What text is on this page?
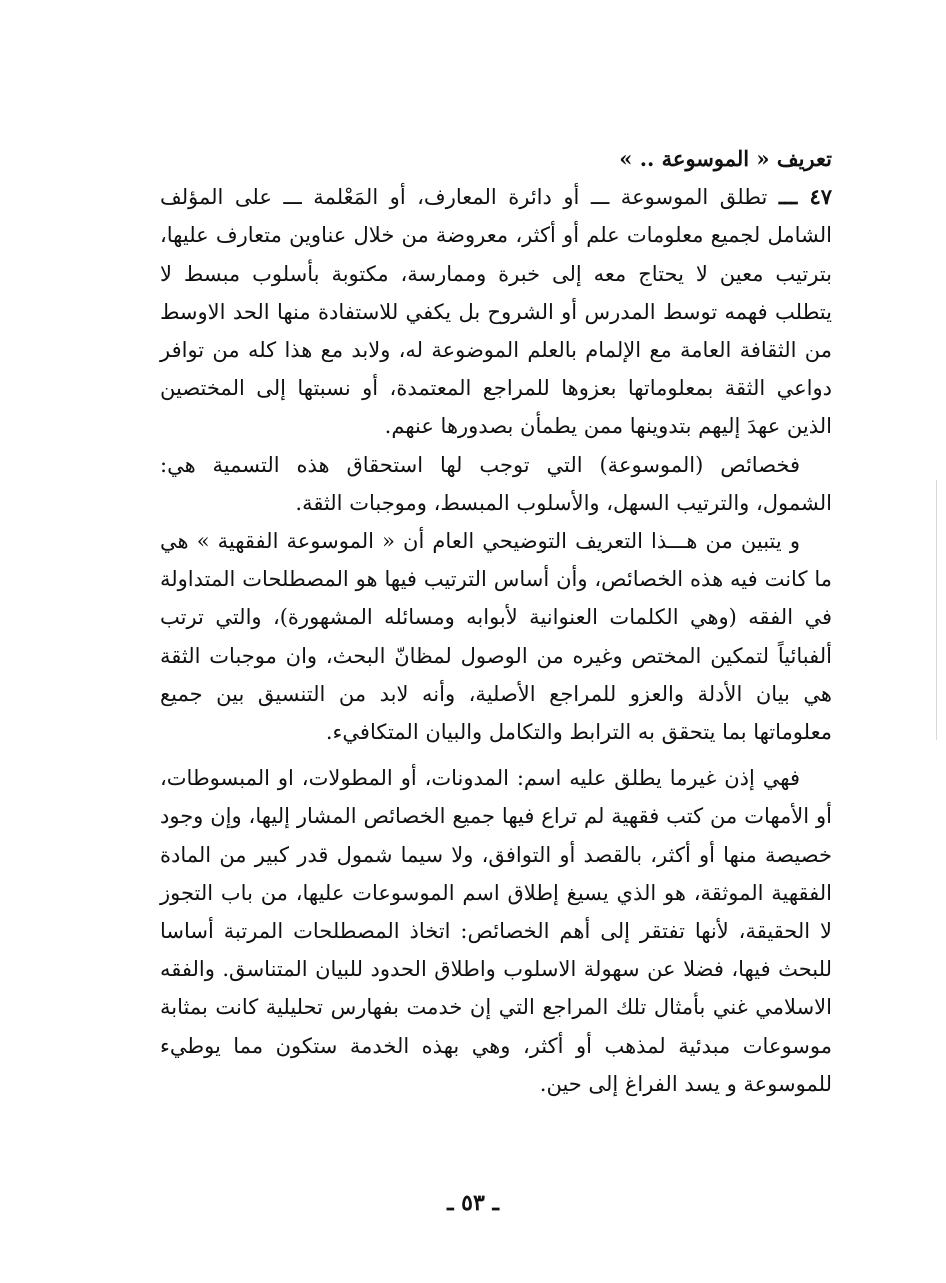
تعريف « الموسوعة .. »

٤٧ ـــ تطلق الموسوعة ـــ أو دائرة المعارف، أو المَعْلمة ـــ على المؤلف الشامل لجميع معلومات علم أو أكثر، معروضة من خلال عناوين متعارف عليها، بترتيب معين لا يحتاج معه إلى خبرة وممارسة، مكتوبة بأسلوب مبسط لا يتطلب فهمه توسط المدرس أو الشروح بل يكفي للاستفادة منها الحد الاوسط من الثقافة العامة مع الإلمام بالعلم الموضوعة له، ولابد مع هذا كله من توافر دواعي الثقة بمعلوماتها بعزوها للمراجع المعتمدة، أو نسبتها إلى المختصين الذين عهدَ إليهم بتدوينها ممن يطمأن بصدورها عنهم.

فخصائص (الموسوعة) التي توجب لها استحقاق هذه التسمية هي: الشمول، والترتيب السهل، والأسلوب المبسط، وموجبات الثقة.

و يتبين من هـــذا التعريف التوضيحي العام أن « الموسوعة الفقهية » هي ما كانت فيه هذه الخصائص، وأن أساس الترتيب فيها هو المصطلحات المتداولة في الفقه (وهي الكلمات العنوانية لأبوابه ومسائله المشهورة)، والتي ترتب ألفبائياً لتمكين المختص وغيره من الوصول لمظانّ البحث، وان موجبات الثقة هي بيان الأدلة والعزو للمراجع الأصلية، وأنه لابد من التنسيق بين جميع معلوماتها بما يتحقق به الترابط والتكامل والبيان المتكافيء.

فهي إذن غيرما يطلق عليه اسم: المدونات، أو المطولات، او المبسوطات، أو الأمهات من كتب فقهية لم تراع فيها جميع الخصائص المشار إليها، وإن وجود خصيصة منها أو أكثر، بالقصد أو التوافق، ولا سيما شمول قدر كبير من المادة الفقهية الموثقة، هو الذي يسيغ إطلاق اسم الموسوعات عليها، من باب التجوز لا الحقيقة، لأنها تفتقر إلى أهم الخصائص: اتخاذ المصطلحات المرتبة أساسا للبحث فيها، فضلا عن سهولة الاسلوب واطلاق الحدود للبيان المتناسق. والفقه الاسلامي غني بأمثال تلك المراجع التي إن خدمت بفهارس تحليلية كانت بمثابة موسوعات مبدئية لمذهب أو أكثر، وهي بهذه الخدمة ستكون مما يوطيء للموسوعة و يسد الفراغ إلى حين.

ـ ٥٣ ـ
